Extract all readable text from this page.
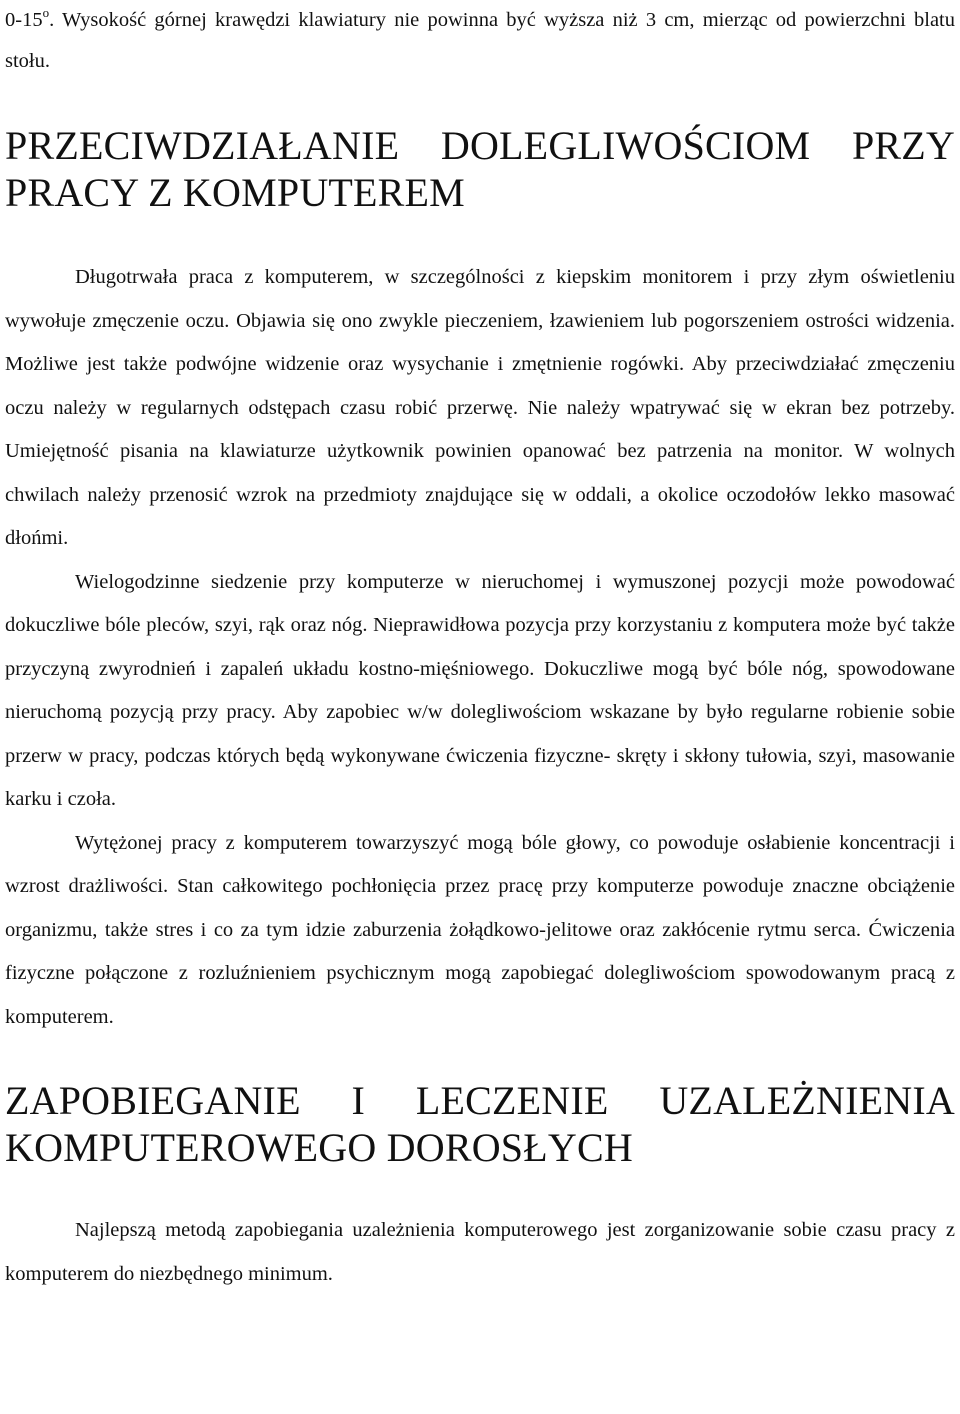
0-15$^o$. Wysokość górnej krawędzi klawiatury nie powinna być wyższa niż 3 cm, mierząc od powierzchni blatu stołu.

PRZECIWDZIAŁANIE DOLEGLIWOŚCIOM PRZY PRACY Z KOMPUTEREM

Długotrwała praca z komputerem, w szczególności z kiepskim monitorem i przy złym oświetleniu wywołuje zmęczenie oczu. Objawia się ono zwykle pieczeniem, łzawieniem lub pogorszeniem ostrości widzenia. Możliwe jest także podwójne widzenie oraz wysychanie i zmętnienie rogówki. Aby przeciwdziałać zmęczeniu oczu należy w regularnych odstępach czasu robić przerwę. Nie należy wpatrywać się w ekran bez potrzeby. Umiejętność pisania na klawiaturze użytkownik powinien opanować bez patrzenia na monitor. W wolnych chwilach należy przenosić wzrok na przedmioty znajdujące się w oddali, a okolice oczodołów lekko masować dłońmi.

Wielogodzinne siedzenie przy komputerze w nieruchomej i wymuszonej pozycji może powodować dokuczliwe bóle pleców, szyi, rąk oraz nóg. Nieprawidłowa pozycja przy korzystaniu z komputera może być także przyczyną zwyrodnień i zapaleń układu kostno-mięśniowego. Dokuczliwe mogą być bóle nóg, spowodowane nieruchomą pozycją przy pracy. Aby zapobiec w/w dolegliwościom wskazane by było regularne robienie sobie przerw w pracy, podczas których będą wykonywane ćwiczenia fizyczne- skręty i skłony tułowia, szyi, masowanie karku i czoła.

Wytężonej pracy z komputerem towarzyszyć mogą bóle głowy, co powoduje osłabienie koncentracji i wzrost drażliwości. Stan całkowitego pochłonięcia przez pracę przy komputerze powoduje znaczne obciążenie organizmu, także stres i co za tym idzie zaburzenia żołądkowo-jelitowe oraz zakłócenie rytmu serca. Ćwiczenia fizyczne połączone z rozluźnieniem psychicznym mogą zapobiegać dolegliwościom spowodowanym pracą z komputerem.

ZAPOBIEGANIE I LECZENIE UZALEŻNIENIA KOMPUTEROWEGO DOROSŁYCH

Najlepszą metodą zapobiegania uzależnienia komputerowego jest zorganizowanie sobie czasu pracy z komputerem do niezbędnego minimum.
